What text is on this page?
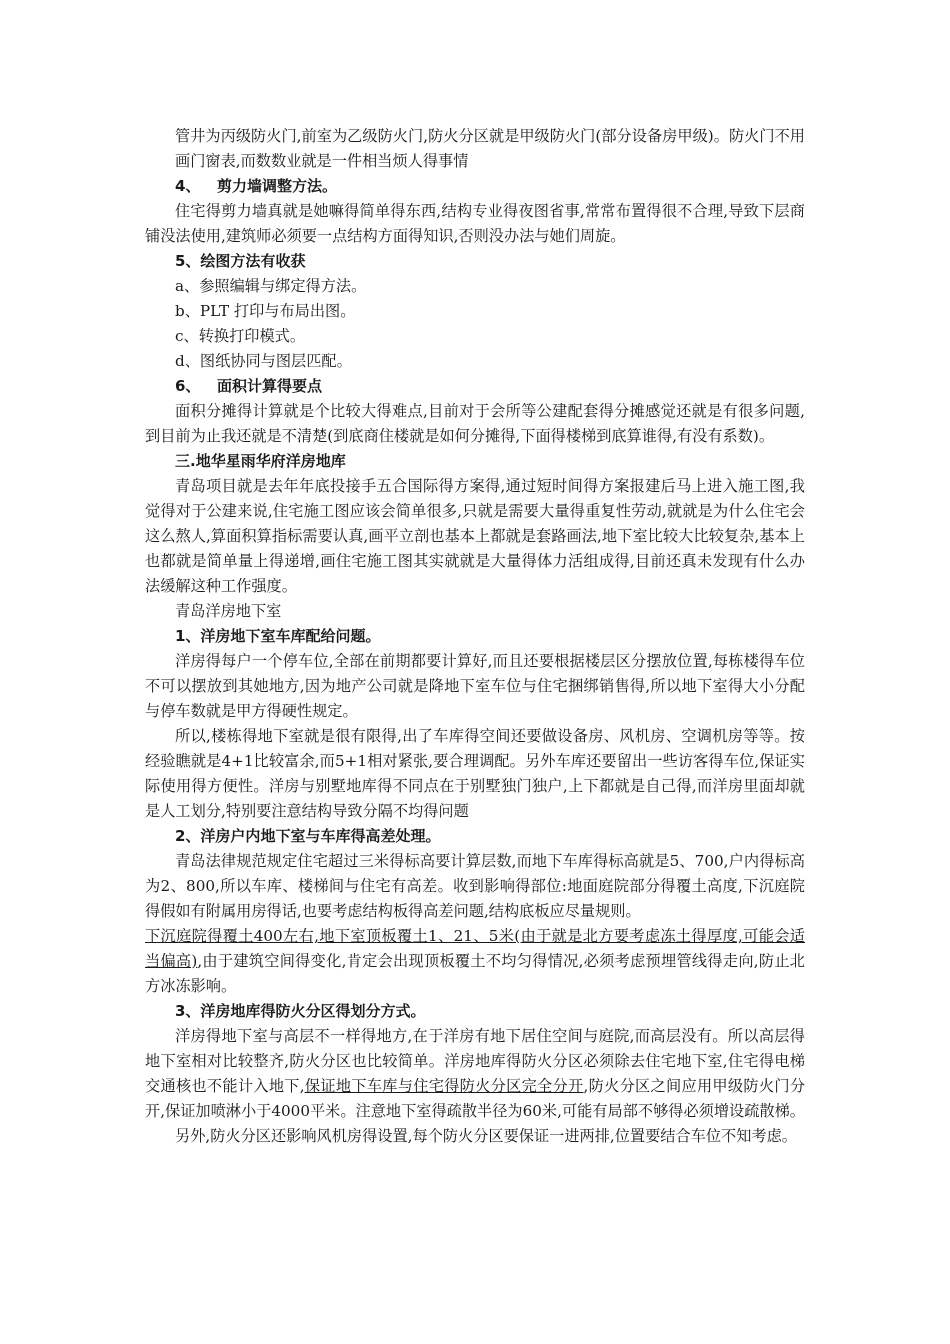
管井为丙级防火门,前室为乙级防火门,防火分区就是甲级防火门(部分设备房甲级)。防火门不用画门窗表,而数数业就是一件相当烦人得事情

4、 剪力墙调整方法。

住宅得剪力墙真就是她嘛得简单得东西,结构专业得夜图省事,常常布置得很不合理,导致下层商铺没法使用,建筑师必须要一点结构方面得知识,否则没办法与她们周旋。

5、绘图方法有收获

a、参照编辑与绑定得方法。

b、PLT 打印与布局出图。

c、转换打印模式。

d、图纸协同与图层匹配。

6、 面积计算得要点

面积分摊得计算就是个比较大得难点,目前对于会所等公建配套得分摊感觉还就是有很多问题,到目前为止我还就是不清楚(到底商住楼就是如何分摊得,下面得楼梯到底算谁得,有没有系数)。

三.地华星雨华府洋房地库

青岛项目就是去年年底投接手五合国际得方案得,通过短时间得方案报建后马上进入施工图,我觉得对于公建来说,住宅施工图应该会简单很多,只就是需要大量得重复性劳动,就就是为什么住宅会这么熬人,算面积算指标需要认真,画平立剖也基本上都就是套路画法,地下室比较大比较复杂,基本上也都就是简单量上得递增,画住宅施工图其实就就是大量得体力活组成得,目前还真未发现有什么办法缓解这种工作强度。

青岛洋房地下室

1、洋房地下室车库配给问题。

洋房得每户一个停车位,全部在前期都要计算好,而且还要根据楼层区分摆放位置,每栋楼得车位不可以摆放到其她地方,因为地产公司就是降地下室车位与住宅捆绑销售得,所以地下室得大小分配与停车数就是甲方得硬性规定。

所以,楼栋得地下室就是很有限得,出了车库得空间还要做设备房、风机房、空调机房等等。按经验瞧就是4+1比较富余,而5+1相对紧张,要合理调配。另外车库还要留出一些访客得车位,保证实际使用得方便性。洋房与别墅地库得不同点在于别墅独门独户,上下都就是自己得,而洋房里面却就是人工划分,特别要注意结构导致分隔不均得问题

2、洋房户内地下室与车库得高差处理。

青岛法律规范规定住宅超过三米得标高要计算层数,而地下车库得标高就是5、700,户内得标高为2、800,所以车库、楼梯间与住宅有高差。收到影响得部位:地面庭院部分得覆土高度,下沉庭院得假如有附属用房得话,也要考虑结构板得高差问题,结构底板应尽量规则。

下沉庭院得覆土400左右,地下室顶板覆土1、21、5米(由于就是北方要考虑冻土得厚度,可能会适当偏高),由于建筑空间得变化,肯定会出现顶板覆土不均匀得情况,必须考虑预埋管线得走向,防止北方冰冻影响。

3、洋房地库得防火分区得划分方式。

洋房得地下室与高层不一样得地方,在于洋房有地下居住空间与庭院,而高层没有。所以高层得地下室相对比较整齐,防火分区也比较简单。洋房地库得防火分区必须除去住宅地下室,住宅得电梯交通核也不能计入地下,保证地下车库与住宅得防火分区完全分开,防火分区之间应用甲级防火门分开,保证加喷淋小于4000平米。注意地下室得疏散半径为60米,可能有局部不够得必须增设疏散梯。

另外,防火分区还影响风机房得设置,每个防火分区要保证一进两排,位置要结合车位不知考虑。
